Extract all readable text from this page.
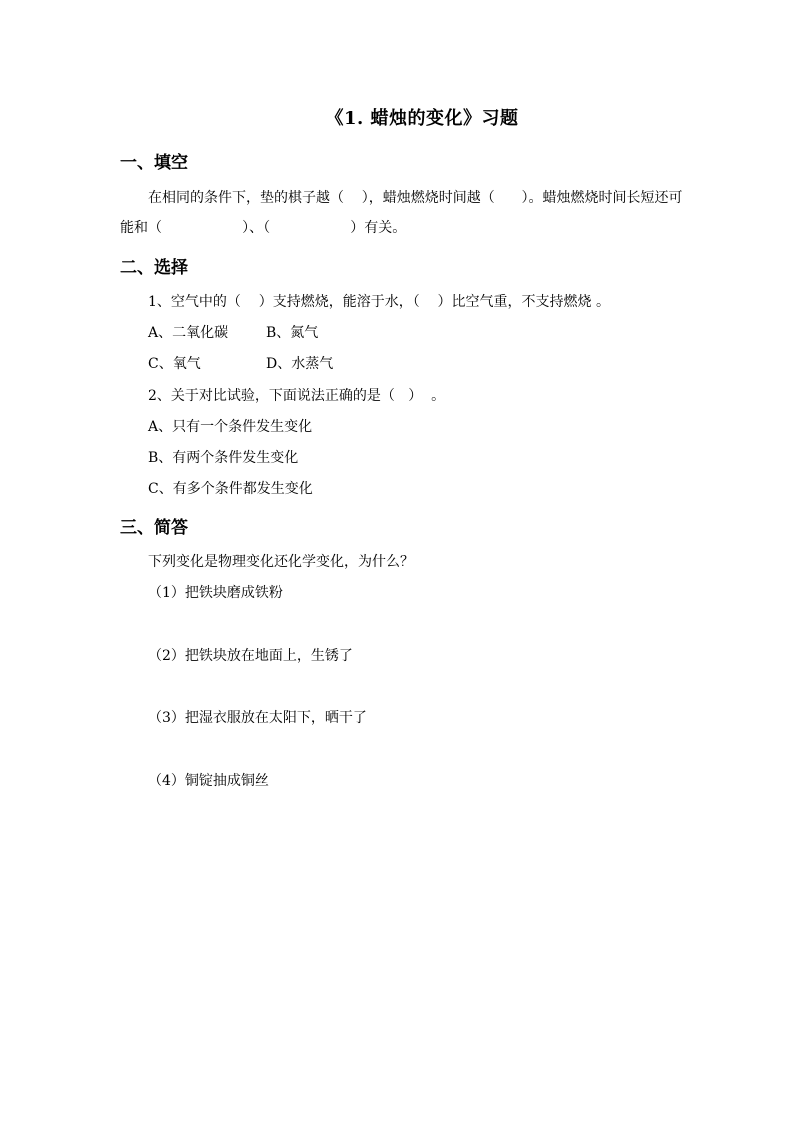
《1. 蜡烛的变化》习题
一、填空
在相同的条件下，垫的棋子越（    ），蜡烛燃烧时间越（      ）。蜡烛燃烧时间长短还可
能和（                  ）、（                  ）有关。
二、选择
1、空气中的（    ）支持燃烧，能溶于水，（    ）比空气重，不支持燃烧 。
A、二氧化碳	B、氮气
C、氧气	D、水蒸气
2、关于对比试验，下面说法正确的是（   ）  。
A、只有一个条件发生变化
B、有两个条件发生变化
C、有多个条件都发生变化
三、简答
下列变化是物理变化还化学变化，为什么？
（1）把铁块磨成铁粉
（2）把铁块放在地面上，生锈了
（3）把湿衣服放在太阳下，晒干了
（4）铜锭抽成铜丝
